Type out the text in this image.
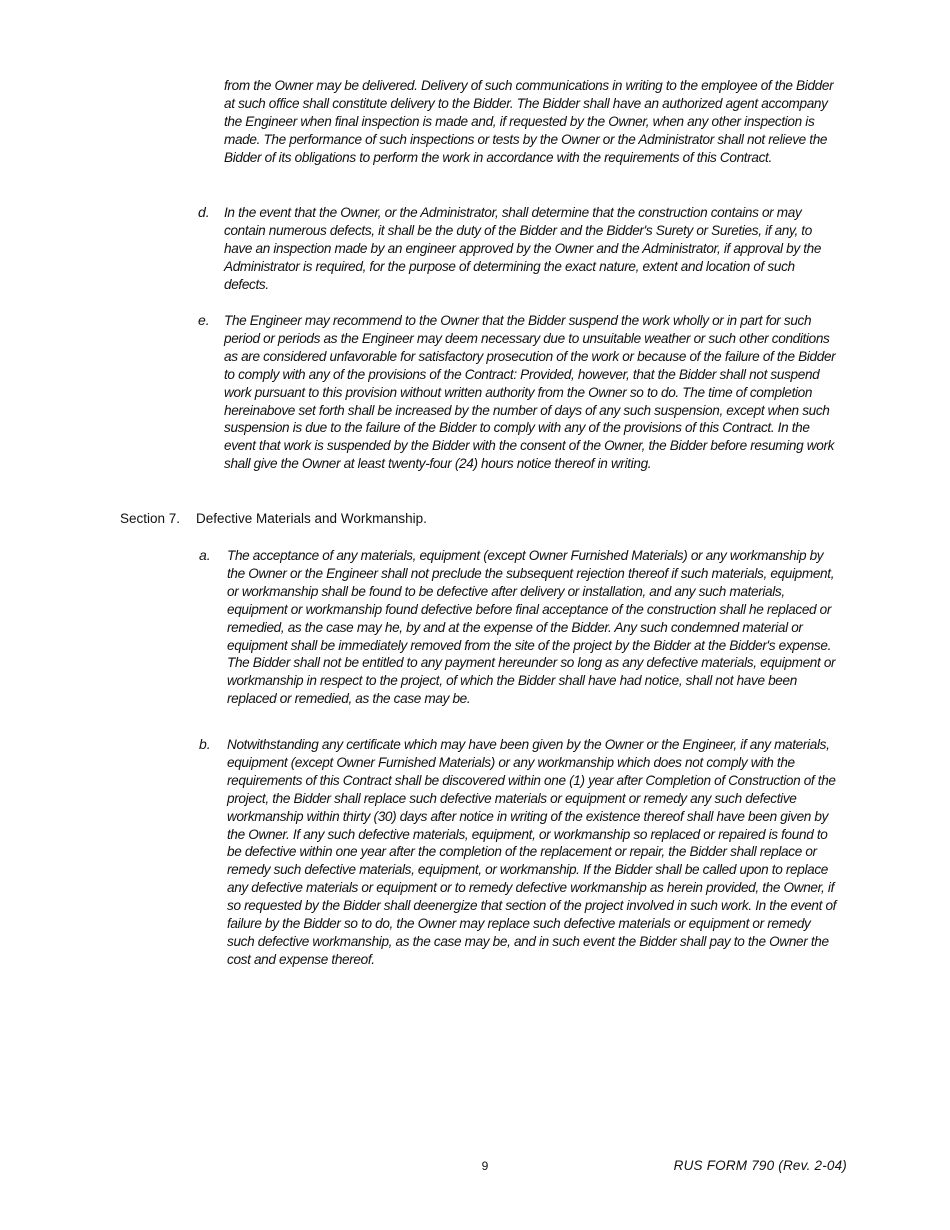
from the Owner may be delivered. Delivery of such communications in writing to the employee of the Bidder at such office shall constitute delivery to the Bidder. The Bidder shall have an authorized agent accompany the Engineer when final inspection is made and, if requested by the Owner, when any other inspection is made. The performance of such inspections or tests by the Owner or the Administrator shall not relieve the Bidder of its obligations to perform the work in accordance with the requirements of this Contract.
d. In the event that the Owner, or the Administrator, shall determine that the construction contains or may contain numerous defects, it shall be the duty of the Bidder and the Bidder's Surety or Sureties, if any, to have an inspection made by an engineer approved by the Owner and the Administrator, if approval by the Administrator is required, for the purpose of determining the exact nature, extent and location of such defects.
e. The Engineer may recommend to the Owner that the Bidder suspend the work wholly or in part for such period or periods as the Engineer may deem necessary due to unsuitable weather or such other conditions as are considered unfavorable for satisfactory prosecution of the work or because of the failure of the Bidder to comply with any of the provisions of the Contract: Provided, however, that the Bidder shall not suspend work pursuant to this provision without written authority from the Owner so to do. The time of completion hereinabove set forth shall be increased by the number of days of any such suspension, except when such suspension is due to the failure of the Bidder to comply with any of the provisions of this Contract. In the event that work is suspended by the Bidder with the consent of the Owner, the Bidder before resuming work shall give the Owner at least twenty-four (24) hours notice thereof in writing.
Section 7. Defective Materials and Workmanship.
a. The acceptance of any materials, equipment (except Owner Furnished Materials) or any workmanship by the Owner or the Engineer shall not preclude the subsequent rejection thereof if such materials, equipment, or workmanship shall be found to be defective after delivery or installation, and any such materials, equipment or workmanship found defective before final acceptance of the construction shall he replaced or remedied, as the case may he, by and at the expense of the Bidder. Any such condemned material or equipment shall be immediately removed from the site of the project by the Bidder at the Bidder's expense. The Bidder shall not be entitled to any payment hereunder so long as any defective materials, equipment or workmanship in respect to the project, of which the Bidder shall have had notice, shall not have been replaced or remedied, as the case may be.
b. Notwithstanding any certificate which may have been given by the Owner or the Engineer, if any materials, equipment (except Owner Furnished Materials) or any workmanship which does not comply with the requirements of this Contract shall be discovered within one (1) year after Completion of Construction of the project, the Bidder shall replace such defective materials or equipment or remedy any such defective workmanship within thirty (30) days after notice in writing of the existence thereof shall have been given by the Owner. If any such defective materials, equipment, or workmanship so replaced or repaired is found to be defective within one year after the completion of the replacement or repair, the Bidder shall replace or remedy such defective materials, equipment, or workmanship. If the Bidder shall be called upon to replace any defective materials or equipment or to remedy defective workmanship as herein provided, the Owner, if so requested by the Bidder shall deenergize that section of the project involved in such work. In the event of failure by the Bidder so to do, the Owner may replace such defective materials or equipment or remedy such defective workmanship, as the case may be, and in such event the Bidder shall pay to the Owner the cost and expense thereof.
9	RUS FORM 790 (Rev. 2-04)
